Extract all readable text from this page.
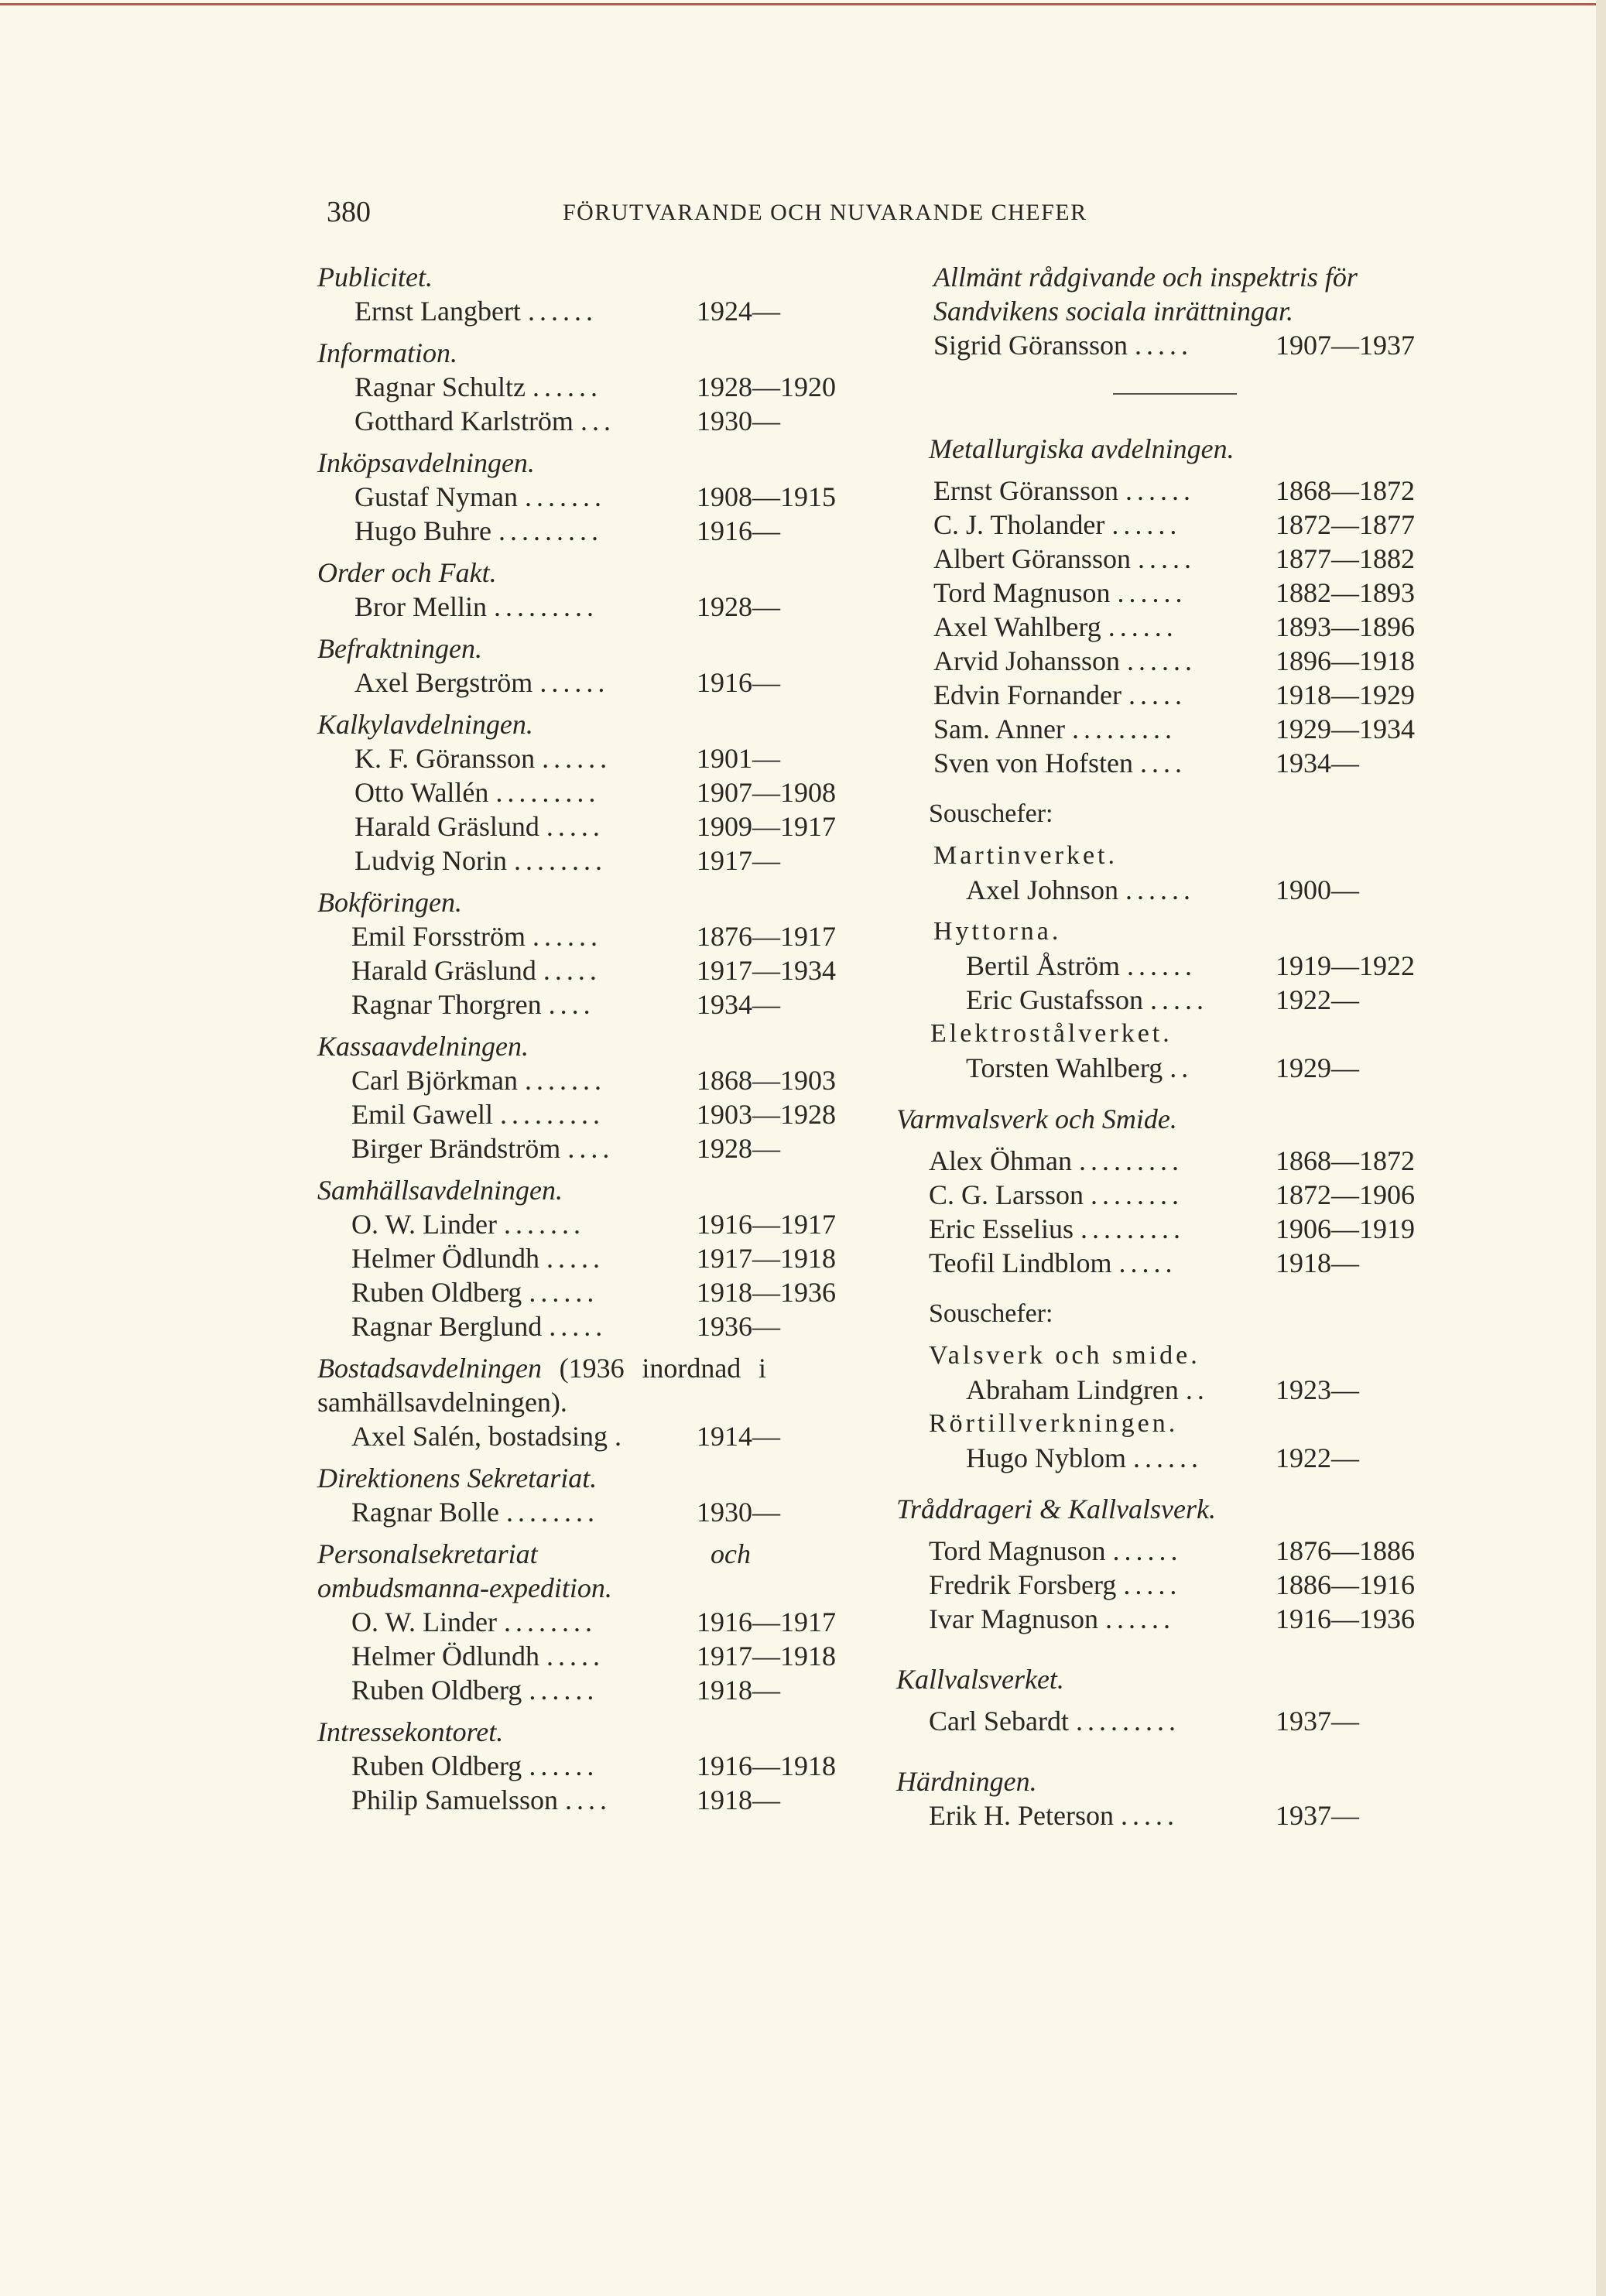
380	FÖRUTVARANDE OCH NUVARANDE CHEFER
Publicitet.
Ernst Langbert ......	1924—
Information.
Ragnar Schultz ......	1928—1920
Gotthard Karlström ...	1930—
Inköpsavdelningen.
Gustaf Nyman .......	1908—1915
Hugo Buhre .........	1916—
Order och Fakt.
Bror Mellin .........	1928—
Befraktningen.
Axel Bergström ......	1916—
Kalkylavdelningen.
K. F. Göransson ......	1901—
Otto Wallén .........	1907—1908
Harald Gräslund .....	1909—1917
Ludvig Norin ........	1917—
Bokföringen.
Emil Forsström ......	1876—1917
Harald Gräslund .....	1917—1934
Ragnar Thorgren ....	1934—
Kassaavdelningen.
Carl Björkman .......	1868—1903
Emil Gawell .........	1903—1928
Birger Brändström ....	1928—
Samhällsavdelningen.
O. W. Linder .......	1916—1917
Helmer Ödlundh .....	1917—1918
Ruben Oldberg ......	1918—1936
Ragnar Berglund .....	1936—
Bostadsavdelningen (1936 inordnad i samhällsavdelningen).
Axel Salén, bostadsing .	1914—
Direktionens Sekretariat.
Ragnar Bolle ........	1930—
Personalsekretariat och ombudsmanna-expedition.
O. W. Linder ........	1916—1917
Helmer Ödlundh .....	1917—1918
Ruben Oldberg ......	1918—
Intressekontoret.
Ruben Oldberg ......	1916—1918
Philip Samuelsson ....	1918—
Allmänt rådgivande och inspektris för Sandvikens sociala inrättningar.
Sigrid Göransson .....	1907—1937
Metallurgiska avdelningen.
Ernst Göransson ......	1868—1872
C. J. Tholander ......	1872—1877
Albert Göransson .....	1877—1882
Tord Magnuson ......	1882—1893
Axel Wahlberg ......	1893—1896
Arvid Johansson ......	1896—1918
Edvin Fornander .....	1918—1929
Sam. Anner .........	1929—1934
Sven von Hofsten ....	1934—
Souschefer:
Martinverket.
Axel Johnson ......	1900—
Hyttorna.
Bertil Åström ......	1919—1922
Eric Gustafsson ..... 1922—
Elektrostålverket.
Torsten Wahlberg ..	1929—
Varmvalsverk och Smide.
Alex Öhman .........	1868—1872
C. G. Larsson ........	1872—1906
Eric Esselius .........	1906—1919
Teofil Lindblom .....	1918—
Souschefer:
Valsverk och smide.
Abraham Lindgren .. 1923—
Rörtillverkningen.
Hugo Nyblom ......	1922—
Tråddrageri & Kallvalsverk.
Tord Magnuson ......	1876—1886
Fredrik Forsberg .....	1886—1916
Ivar Magnuson ......	1916—1936
Kallvalsverket.
Carl Sebardt .........	1937—
Härdningen.
Erik H. Peterson .....	1937—
